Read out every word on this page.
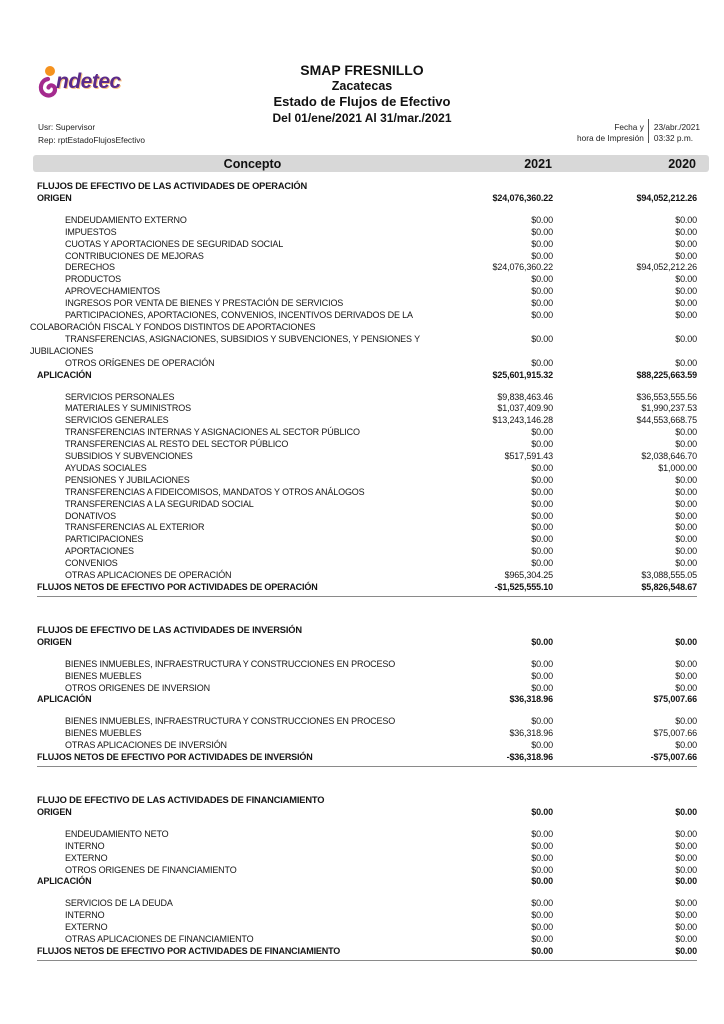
ndetec	SMAP FRESNILLO
Zacatecas
Estado de Flujos de Efectivo
Del 01/ene/2021 Al 31/mar./2021
Usr: Supervisor
Rep: rptEstadoFlujosEfectivo
Fecha y
hora de Impresión
23/abr./2021
03:32 p.m.
Concepto	2021	2020
FLUJOS DE EFECTIVO DE LAS ACTIVIDADES DE OPERACIÓN
ORIGEN	$24,076,360.22	$94,052,212.26
ENDEUDAMIENTO EXTERNO	$0.00	$0.00
IMPUESTOS	$0.00	$0.00
CUOTAS Y APORTACIONES DE SEGURIDAD SOCIAL	$0.00	$0.00
CONTRIBUCIONES DE MEJORAS	$0.00	$0.00
DERECHOS	$24,076,360.22	$94,052,212.26
PRODUCTOS	$0.00	$0.00
APROVECHAMIENTOS	$0.00	$0.00
INGRESOS POR VENTA DE BIENES Y PRESTACIÓN DE SERVICIOS	$0.00	$0.00
PARTICIPACIONES, APORTACIONES, CONVENIOS, INCENTIVOS DERIVADOS DE LA COLABORACIÓN FISCAL Y FONDOS DISTINTOS DE APORTACIONES
$0.00	$0.00
TRANSFERENCIAS, ASIGNACIONES, SUBSIDIOS Y SUBVENCIONES, Y PENSIONES Y JUBILACIONES
$0.00	$0.00
OTROS ORÍGENES DE OPERACIÓN	$0.00	$0.00
APLICACIÓN	$25,601,915.32	$88,225,663.59
SERVICIOS PERSONALES	$9,838,463.46	$36,553,555.56
MATERIALES Y SUMINISTROS	$1,037,409.90	$1,990,237.53
SERVICIOS GENERALES	$13,243,146.28	$44,553,668.75
TRANSFERENCIAS INTERNAS Y ASIGNACIONES AL SECTOR PÚBLICO	$0.00	$0.00
TRANSFERENCIAS AL RESTO DEL SECTOR PÚBLICO	$0.00	$0.00
SUBSIDIOS Y SUBVENCIONES	$517,591.43	$2,038,646.70
AYUDAS SOCIALES	$0.00	$1,000.00
PENSIONES Y JUBILACIONES	$0.00	$0.00
TRANSFERENCIAS A FIDEICOMISOS, MANDATOS Y OTROS ANÁLOGOS	$0.00	$0.00
TRANSFERENCIAS A LA SEGURIDAD SOCIAL	$0.00	$0.00
DONATIVOS	$0.00	$0.00
TRANSFERENCIAS AL EXTERIOR	$0.00	$0.00
PARTICIPACIONES	$0.00	$0.00
APORTACIONES	$0.00	$0.00
CONVENIOS	$0.00	$0.00
OTRAS APLICACIONES DE OPERACIÓN	$965,304.25	$3,088,555.05
FLUJOS NETOS DE EFECTIVO POR ACTIVIDADES DE OPERACIÓN	-$1,525,555.10	$5,826,548.67
FLUJOS DE EFECTIVO DE LAS ACTIVIDADES DE INVERSIÓN
ORIGEN	$0.00	$0.00
BIENES INMUEBLES, INFRAESTRUCTURA Y CONSTRUCCIONES EN PROCESO	$0.00	$0.00
BIENES MUEBLES	$0.00	$0.00
OTROS ORIGENES DE INVERSION	$0.00	$0.00
APLICACIÓN	$36,318.96	$75,007.66
BIENES INMUEBLES, INFRAESTRUCTURA Y CONSTRUCCIONES EN PROCESO	$0.00	$0.00
BIENES MUEBLES	$36,318.96	$75,007.66
OTRAS APLICACIONES DE INVERSIÓN	$0.00	$0.00
FLUJOS NETOS DE EFECTIVO POR ACTIVIDADES DE INVERSIÓN	-$36,318.96	-$75,007.66
FLUJO DE EFECTIVO DE LAS ACTIVIDADES DE FINANCIAMIENTO
ORIGEN	$0.00	$0.00
ENDEUDAMIENTO NETO	$0.00	$0.00
INTERNO	$0.00	$0.00
EXTERNO	$0.00	$0.00
OTROS ORIGENES DE FINANCIAMIENTO	$0.00	$0.00
APLICACIÓN	$0.00	$0.00
SERVICIOS DE LA DEUDA	$0.00	$0.00
INTERNO	$0.00	$0.00
EXTERNO	$0.00	$0.00
OTRAS APLICACIONES DE FINANCIAMIENTO	$0.00	$0.00
FLUJOS NETOS DE EFECTIVO POR ACTIVIDADES DE FINANCIAMIENTO	$0.00	$0.00
